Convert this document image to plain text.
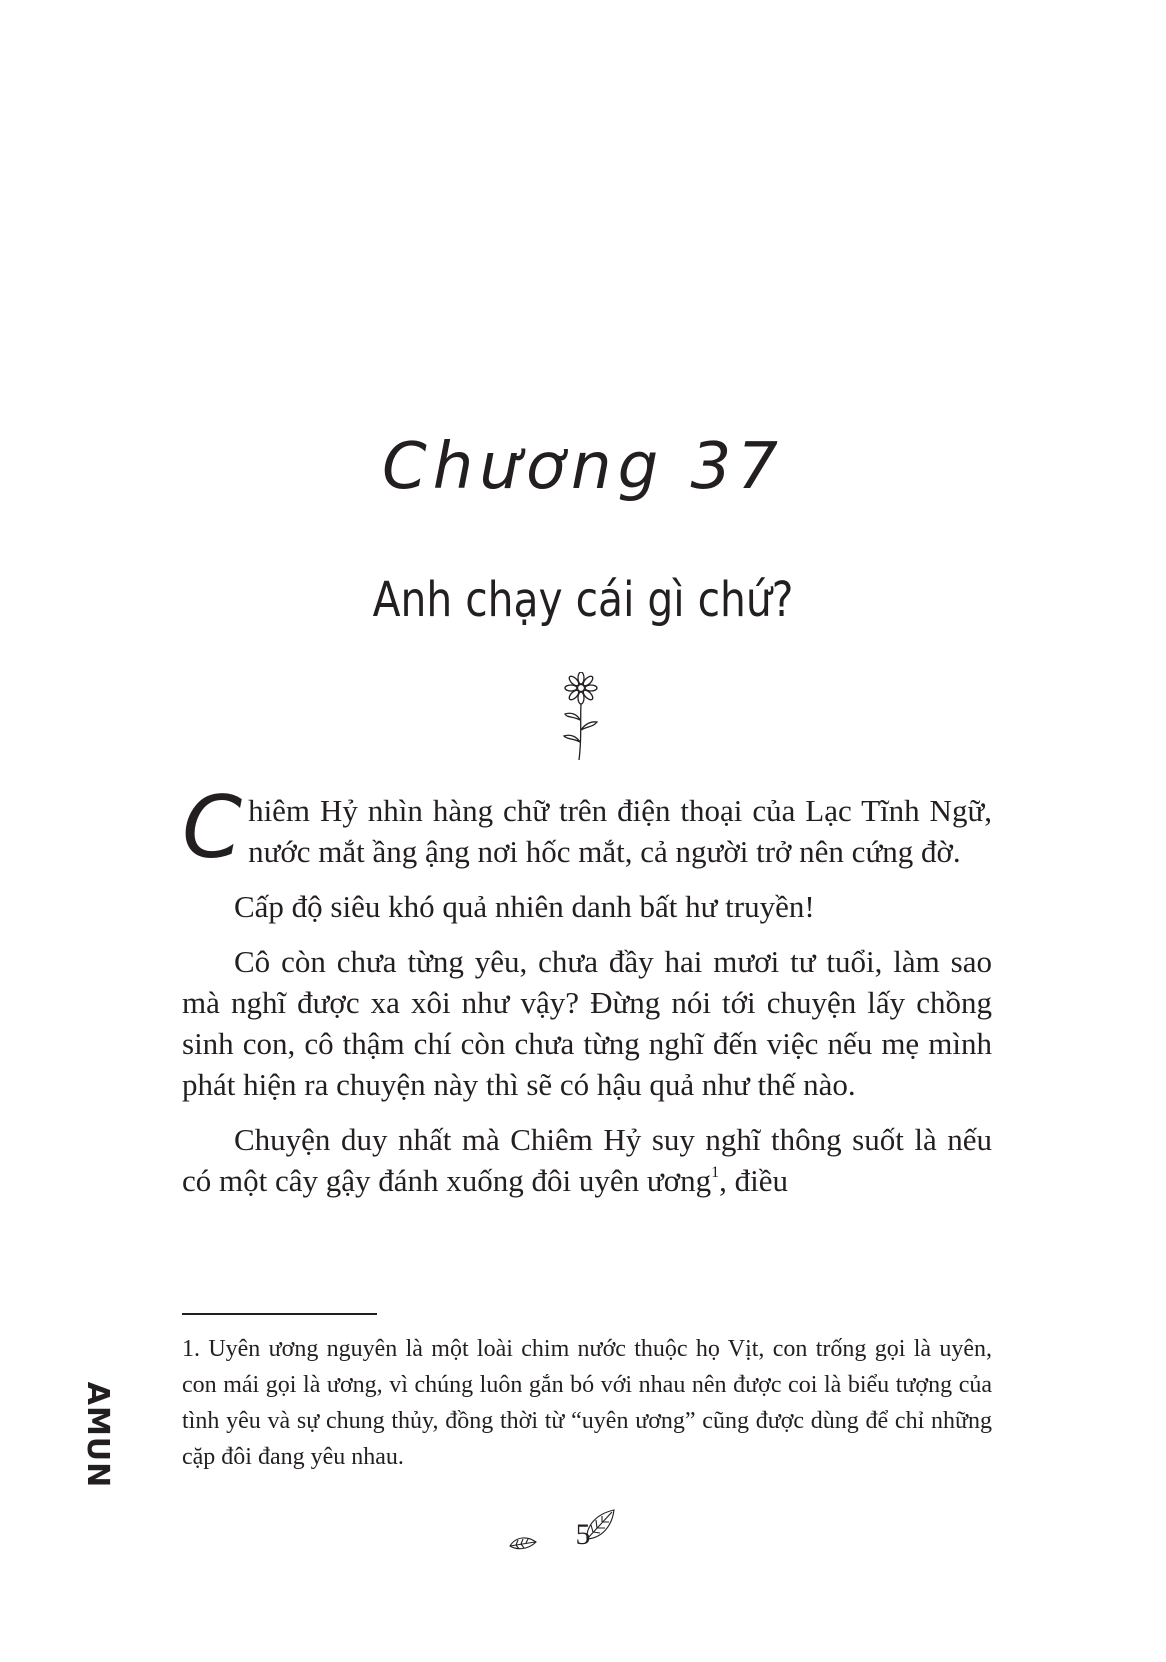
Chương 37
Anh chạy cái gì chứ?

Chiêm Hỷ nhìn hàng chữ trên điện thoại của Lạc Tĩnh Ngữ, nước mắt ầng ậng nơi hốc mắt, cả người trở nên cứng đờ.

Cấp độ siêu khó quả nhiên danh bất hư truyền!

Cô còn chưa từng yêu, chưa đầy hai mươi tư tuổi, làm sao mà nghĩ được xa xôi như vậy? Đừng nói tới chuyện lấy chồng sinh con, cô thậm chí còn chưa từng nghĩ đến việc nếu mẹ mình phát hiện ra chuyện này thì sẽ có hậu quả như thế nào.

Chuyện duy nhất mà Chiêm Hỷ suy nghĩ thông suốt là nếu có một cây gậy đánh xuống đôi uyên ương$^1$, điều

1. Uyên ương nguyên là một loài chim nước thuộc họ Vịt, con trống gọi là uyên, con mái gọi là ương, vì chúng luôn gắn bó với nhau nên được coi là biểu tượng của tình yêu và sự chung thủy, đồng thời từ “uyên ương” cũng được dùng để chỉ những cặp đôi đang yêu nhau.

AMUN
5
